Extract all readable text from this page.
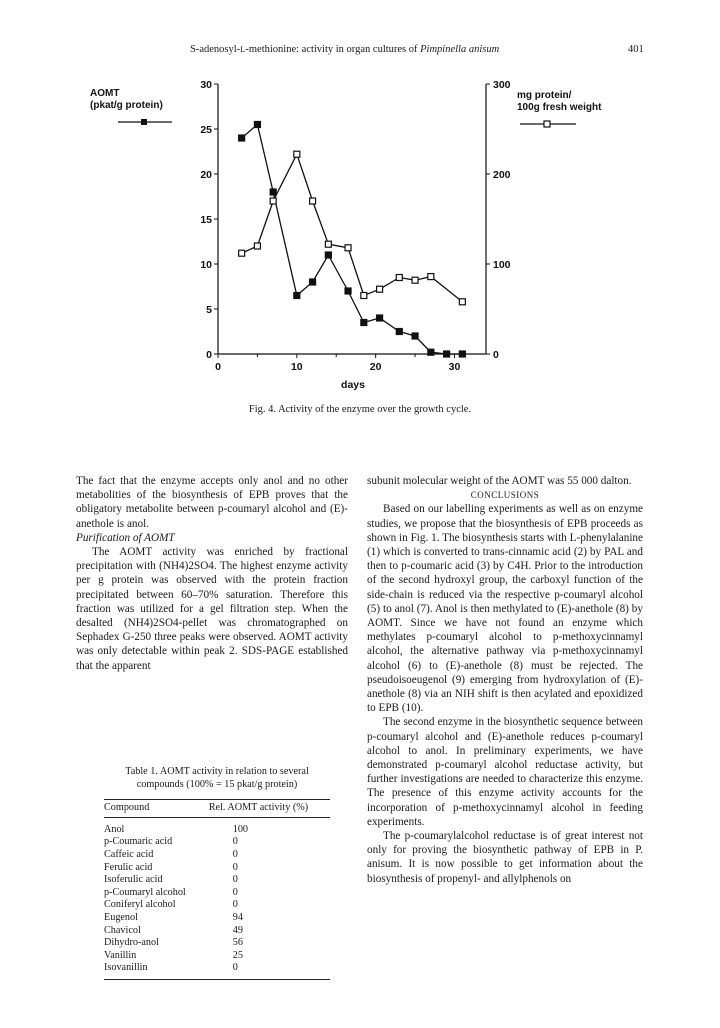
S-adenosyl-L-methionine: activity in organ cultures of Pimpinella anisum	401
AOMT
(pkat/g protein)
mg protein/
100g fresh weight
0
5
10
15
20
25
30
0
100
200
300
0	10	20	30
days
Fig. 4. Activity of the enzyme over the growth cycle.

The fact that the enzyme accepts only anol and no other metabolities of the biosynthesis of EPB proves that the obligatory metabolite between p-coumaryl alcohol and (E)-anethole is anol.

Purification of AOMT

The AOMT activity was enriched by fractional precipitation with (NH4)2SO4. The highest enzyme activity per g protein was observed with the protein fraction precipitated between 60–70% saturation. Therefore this fraction was utilized for a gel filtration step. When the desalted (NH4)2SO4-pellet was chromatographed on Sephadex G-250 three peaks were observed. AOMT activity was only detectable within peak 2. SDS-PAGE established that the apparent

Table 1. AOMT activity in relation to several compounds (100% = 15 pkat/g protein)
Compound	Rel. AOMT activity (%)
Anol	100
p-Coumaric acid	0
Caffeic acid	0
Ferulic acid	0
Isoferulic acid	0
p-Coumaryl alcohol	0
Coniferyl alcohol	0
Eugenol	94
Chavicol	49
Dihydro-anol	56
Vanillin	25
Isovanillin	0

subunit molecular weight of the AOMT was 55 000 dalton.

CONCLUSIONS

Based on our labelling experiments as well as on enzyme studies, we propose that the biosynthesis of EPB proceeds as shown in Fig. 1. The biosynthesis starts with L-phenylalanine (1) which is converted to trans-cinnamic acid (2) by PAL and then to p-coumaric acid (3) by C4H. Prior to the introduction of the second hydroxyl group, the carboxyl function of the side-chain is reduced via the respective p-coumaryl alcohol (5) to anol (7). Anol is then methylated to (E)-anethole (8) by AOMT. Since we have not found an enzyme which methylates p-coumaryl alcohol to p-methoxycinnamyl alcohol, the alternative pathway via p-methoxycinnamyl alcohol (6) to (E)-anethole (8) must be rejected. The pseudoisoeugenol (9) emerging from hydroxylation of (E)-anethole (8) via an NIH shift is then acylated and epoxidized to EPB (10).

The second enzyme in the biosynthetic sequence between p-coumaryl alcohol and (E)-anethole reduces p-coumaryl alcohol to anol. In preliminary experiments, we have demonstrated p-coumaryl alcohol reductase activity, but further investigations are needed to characterize this enzyme. The presence of this enzyme activity accounts for the incorporation of p-methoxycinnamyl alcohol in feeding experiments.

The p-coumarylalcohol reductase is of great interest not only for proving the biosynthetic pathway of EPB in P. anisum. It is now possible to get information about the biosynthesis of propenyl- and allylphenols on
